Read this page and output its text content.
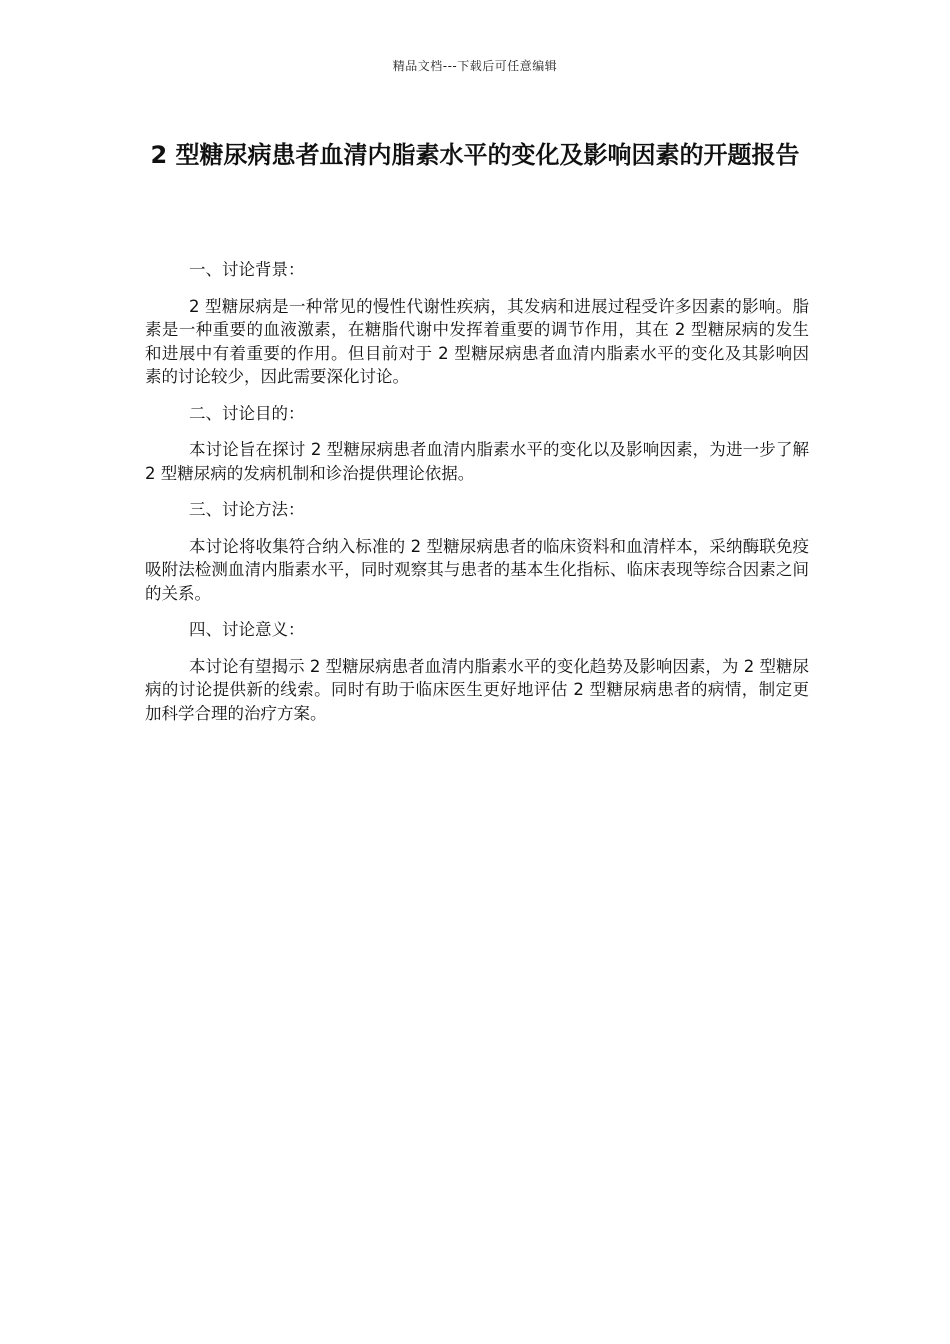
精品文档---下载后可任意编辑
2 型糖尿病患者血清内脂素水平的变化及影响因素的开题报告

一、讨论背景：

2 型糖尿病是一种常见的慢性代谢性疾病，其发病和进展过程受许多因素的影响。脂素是一种重要的血液激素，在糖脂代谢中发挥着重要的调节作用，其在 2 型糖尿病的发生和进展中有着重要的作用。但目前对于 2 型糖尿病患者血清内脂素水平的变化及其影响因素的讨论较少，因此需要深化讨论。

二、讨论目的：

本讨论旨在探讨 2 型糖尿病患者血清内脂素水平的变化以及影响因素，为进一步了解 2 型糖尿病的发病机制和诊治提供理论依据。

三、讨论方法：

本讨论将收集符合纳入标准的 2 型糖尿病患者的临床资料和血清样本，采纳酶联免疫吸附法检测血清内脂素水平，同时观察其与患者的基本生化指标、临床表现等综合因素之间的关系。

四、讨论意义：

本讨论有望揭示 2 型糖尿病患者血清内脂素水平的变化趋势及影响因素，为 2 型糖尿病的讨论提供新的线索。同时有助于临床医生更好地评估 2 型糖尿病患者的病情，制定更加科学合理的治疗方案。
